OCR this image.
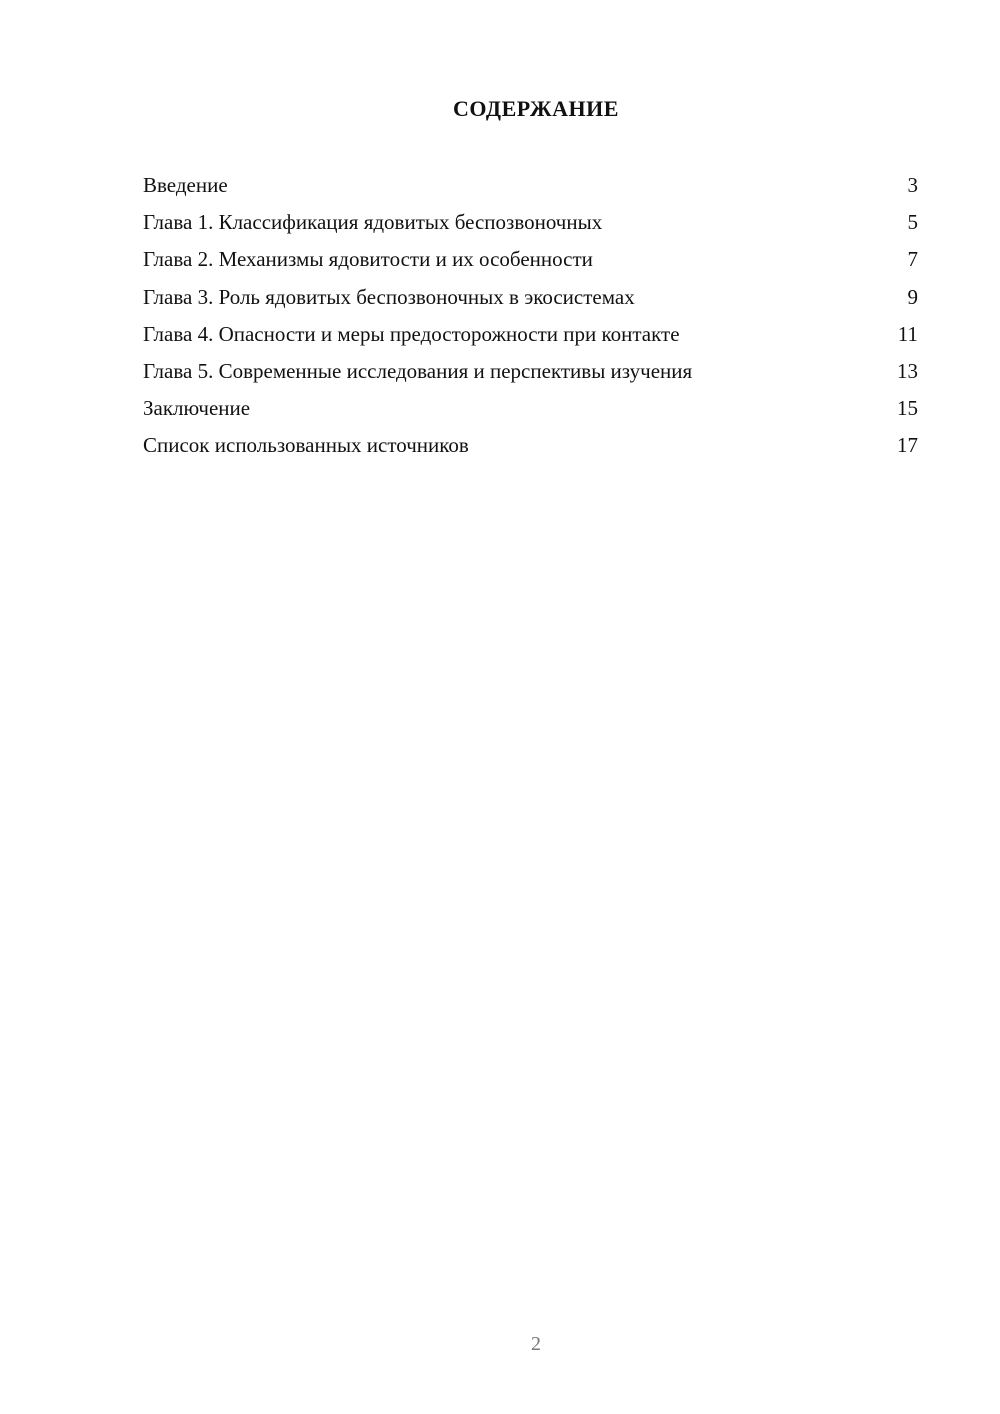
СОДЕРЖАНИЕ
Введение	3
Глава 1. Классификация ядовитых беспозвоночных	5
Глава 2. Механизмы ядовитости и их особенности	7
Глава 3. Роль ядовитых беспозвоночных в экосистемах	9
Глава 4. Опасности и меры предосторожности при контакте	11
Глава 5. Современные исследования и перспективы изучения	13
Заключение	15
Список использованных источников	17
2
